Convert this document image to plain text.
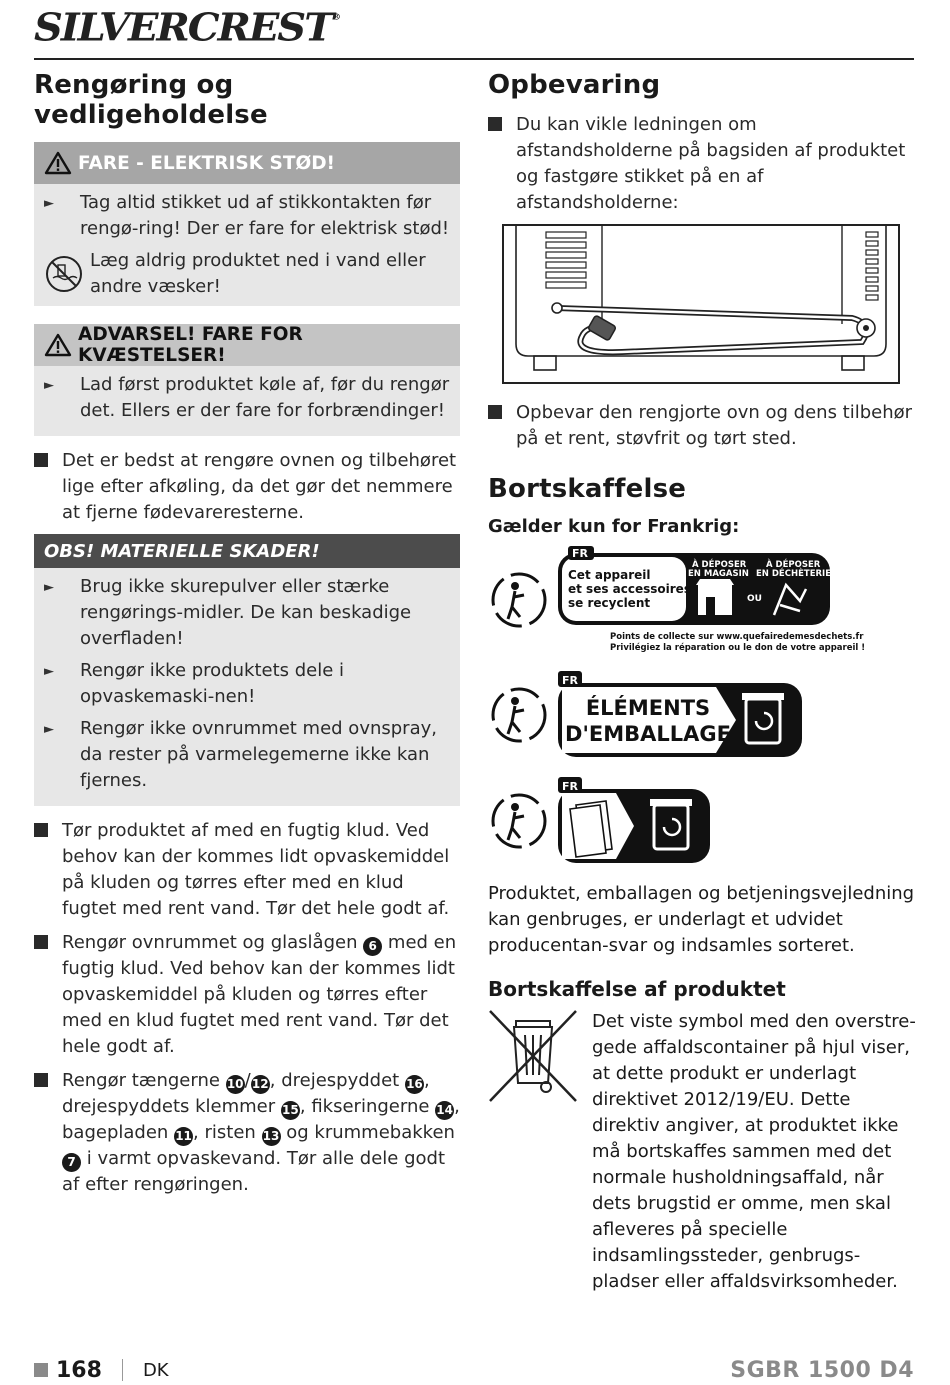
SILVERCREST®
Rengøring og vedligeholdelse
FARE - ELEKTRISK STØD!
►	Tag altid stikket ud af stikkontakten før rengø-ring! Der er fare for elektrisk stød!
Læg aldrig produktet ned i vand eller andre væsker!
ADVARSEL! FARE FOR KVÆSTELSER!
►	Lad først produktet køle af, før du rengør det. Ellers er der fare for forbrændinger!
Det er bedst at rengøre ovnen og tilbehøret lige efter afkøling, da det gør det nemmere at fjerne fødevareresterne.
OBS! MATERIELLE SKADER!
►	Brug ikke skurepulver eller stærke rengørings-midler. De kan beskadige overfladen!
►	Rengør ikke produktets dele i opvaskemaski-nen!
►	Rengør ikke ovnrummet med ovnspray, da rester på varmelegemerne ikke kan fjernes.
Tør produktet af med en fugtig klud. Ved behov kan der kommes lidt opvaskemiddel på kluden og tørres efter med en klud fugtet med rent vand. Tør det hele godt af.
Rengør ovnrummet og glaslågen 6 med en fugtig klud. Ved behov kan der kommes lidt opvaskemiddel på kluden og tørres efter med en klud fugtet med rent vand. Tør det hele godt af.
Rengør tængerne 10/12, drejespyddet 16, drejespyddets klemmer 15, fikseringerne 14, bagepladen 11, risten 13 og krummebakken 7 i varmt opvaskevand. Tør alle dele godt af efter rengøringen.
Opbevaring
Du kan vikle ledningen om afstandsholderne på bagsiden af produktet og fastgøre stikket på en af afstandsholderne:
Opbevar den rengjorte ovn og dens tilbehør på et rent, støvfrit og tørt sted.
Bortskaffelse
Gælder kun for Frankrig:
FR
Cet appareil
et ses accessoires
se recyclent
À DÉPOSER
EN MAGASIN
OU
À DÉPOSER
EN DÉCHÈTERIE
Points de collecte sur www.quefairedemesdechets.fr
Privilégiez la réparation ou le don de votre appareil !
FR
ÉLÉMENTS
D'EMBALLAGE
FR
Produktet, emballagen og betjeningsvejledning kan genbruges, er underlagt et udvidet producentan-svar og indsamles sorteret.
Bortskaffelse af produktet
Det viste symbol med den overstre-gede affaldscontainer på hjul viser, at dette produkt er underlagt direktivet 2012/19/EU. Dette direktiv angiver, at produktet ikke må bortskaffes sammen med det normale husholdningsaffald, når dets brugstid er omme, men skal afleveres på specielle indsamlingssteder, genbrugs-pladser eller affaldsvirksomheder.
168 DK	SGBR 1500 D4
